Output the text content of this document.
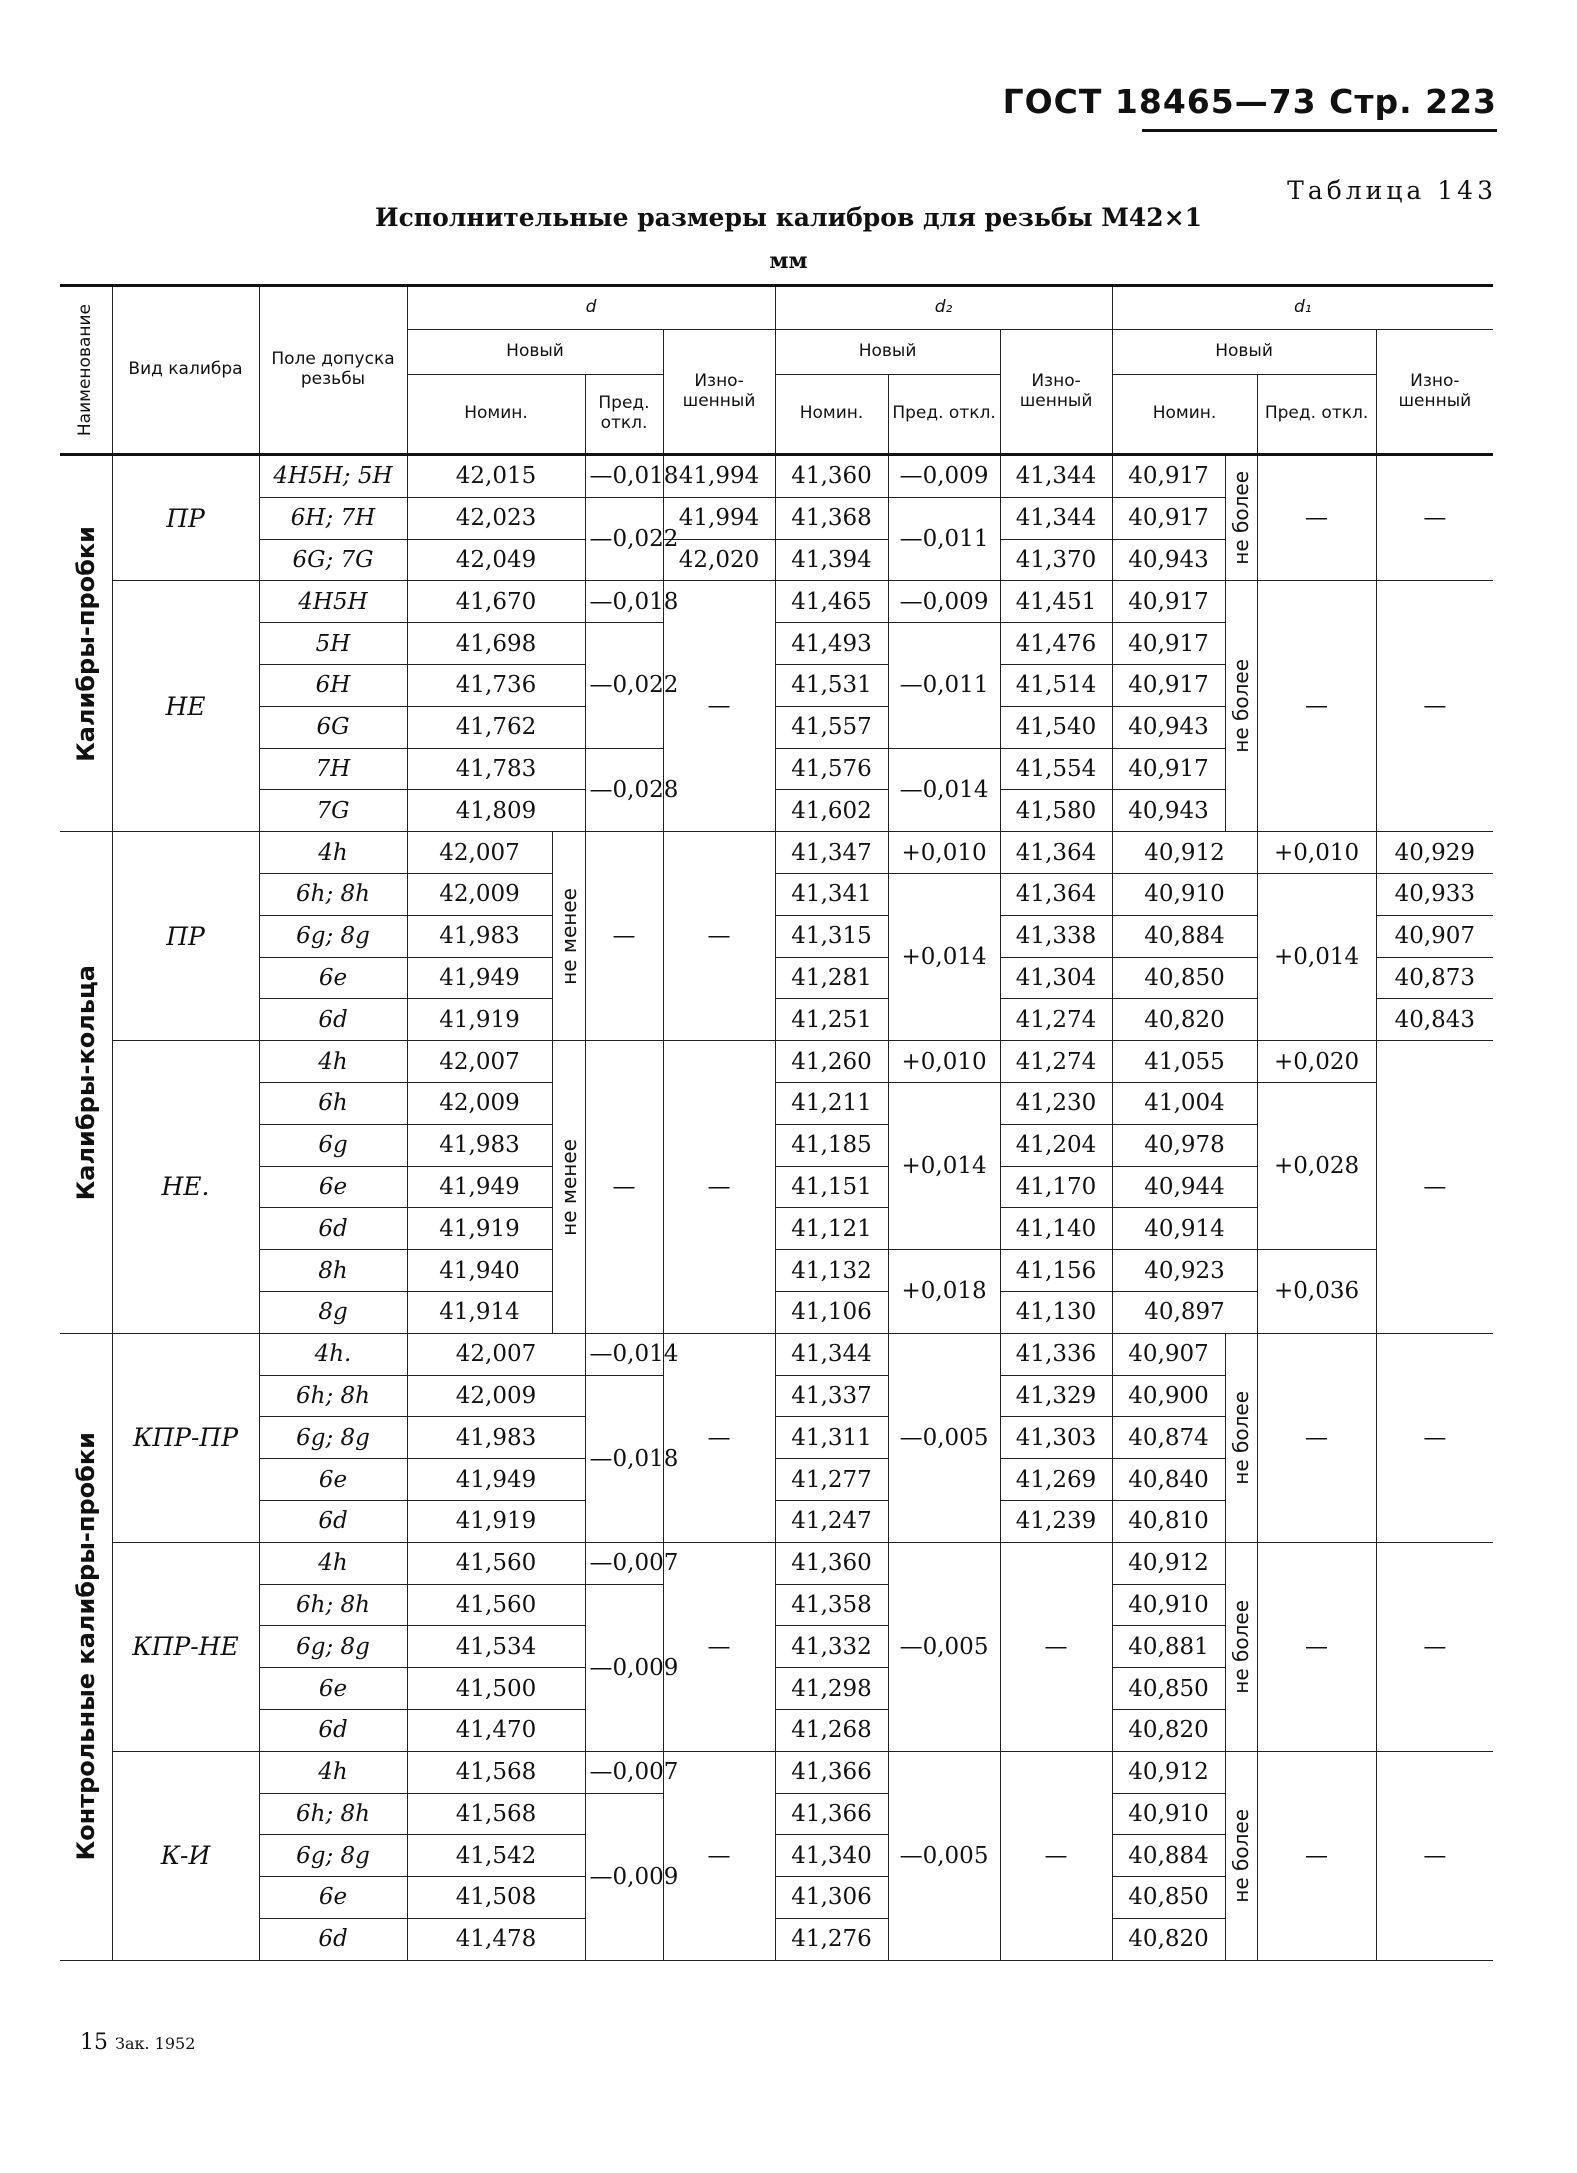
ГОСТ 18465—73 Стр. 223
Таблица 143
Исполнительные размеры калибров для резьбы M42×1
мм
Наименование	Вид калибра	Поле допуска резьбы	d				d₂			d₁			
			Новый			Изно- шенный	Новый		Изно- шенный	Новый			Изно- шенный
			Номин.		Пред. откл.		Номин.	Пред. откл.		Номин.		Пред. откл.	

Калибры-пробки	ПР	4H5H; 5H	42,015		—0,018	41,994	41,360	—0,009	41,344	40,917	не более	—	—
		6H; 7H	42,023		—0,022	41,994	41,368	—0,011	41,344	40,917			
		6G; 7G	42,049			42,020	41,394		41,370	40,943			
	НЕ	4H5H	41,670		—0,018	—	41,465	—0,009	41,451	40,917	не более	—	—
		5H	41,698		—0,022		41,493	—0,011	41,476	40,917			
		6H	41,736				41,531		41,514	40,917			
		6G	41,762				41,557		41,540	40,943			
		7H	41,783		—0,028		41,576	—0,014	41,554	40,917			
		7G	41,809				41,602		41,580	40,943			

Калибры-кольца	ПР	4h	42,007	не менее	—	—	41,347	+0,010	41,364	40,912		+0,010	40,929
		6h; 8h	42,009				41,341	+0,014	41,364	40,910		+0,014	40,933
		6g; 8g	41,983				41,315		41,338	40,884			40,907
		6e	41,949				41,281		41,304	40,850			40,873
		6d	41,919				41,251		41,274	40,820			40,843
	НЕ.	4h	42,007	не менее	—	—	41,260	+0,010	41,274	41,055		+0,020	—
		6h	42,009				41,211	+0,014	41,230	41,004		+0,028	
		6g	41,983				41,185		41,204	40,978			
		6e	41,949				41,151		41,170	40,944			
		6d	41,919				41,121		41,140	40,914			
		8h	41,940				41,132	+0,018	41,156	40,923		+0,036	
		8g	41,914				41,106		41,130	40,897			

Контрольные калибры-пробки	КПР-ПР	4h.	42,007		—0,014	—	41,344	—0,005	41,336	40,907	не более	—	—
		6h; 8h	42,009		—0,018		41,337		41,329	40,900			
		6g; 8g	41,983				41,311		41,303	40,874			
		6e	41,949				41,277		41,269	40,840			
		6d	41,919				41,247		41,239	40,810			
	КПР-НЕ	4h	41,560		—0,007	—	41,360	—0,005	—	40,912	не более	—	—
		6h; 8h	41,560		—0,009		41,358			40,910			
		6g; 8g	41,534				41,332			40,881			
		6e	41,500				41,298			40,850			
		6d	41,470				41,268			40,820			
	К-И	4h	41,568		—0,007	—	41,366	—0,005	—	40,912	не более	—	—
		6h; 8h	41,568		—0,009		41,366			40,910			
		6g; 8g	41,542				41,340			40,884			
		6e	41,508				41,306			40,850			
		6d	41,478				41,276			40,820			
15 Зак. 1952
